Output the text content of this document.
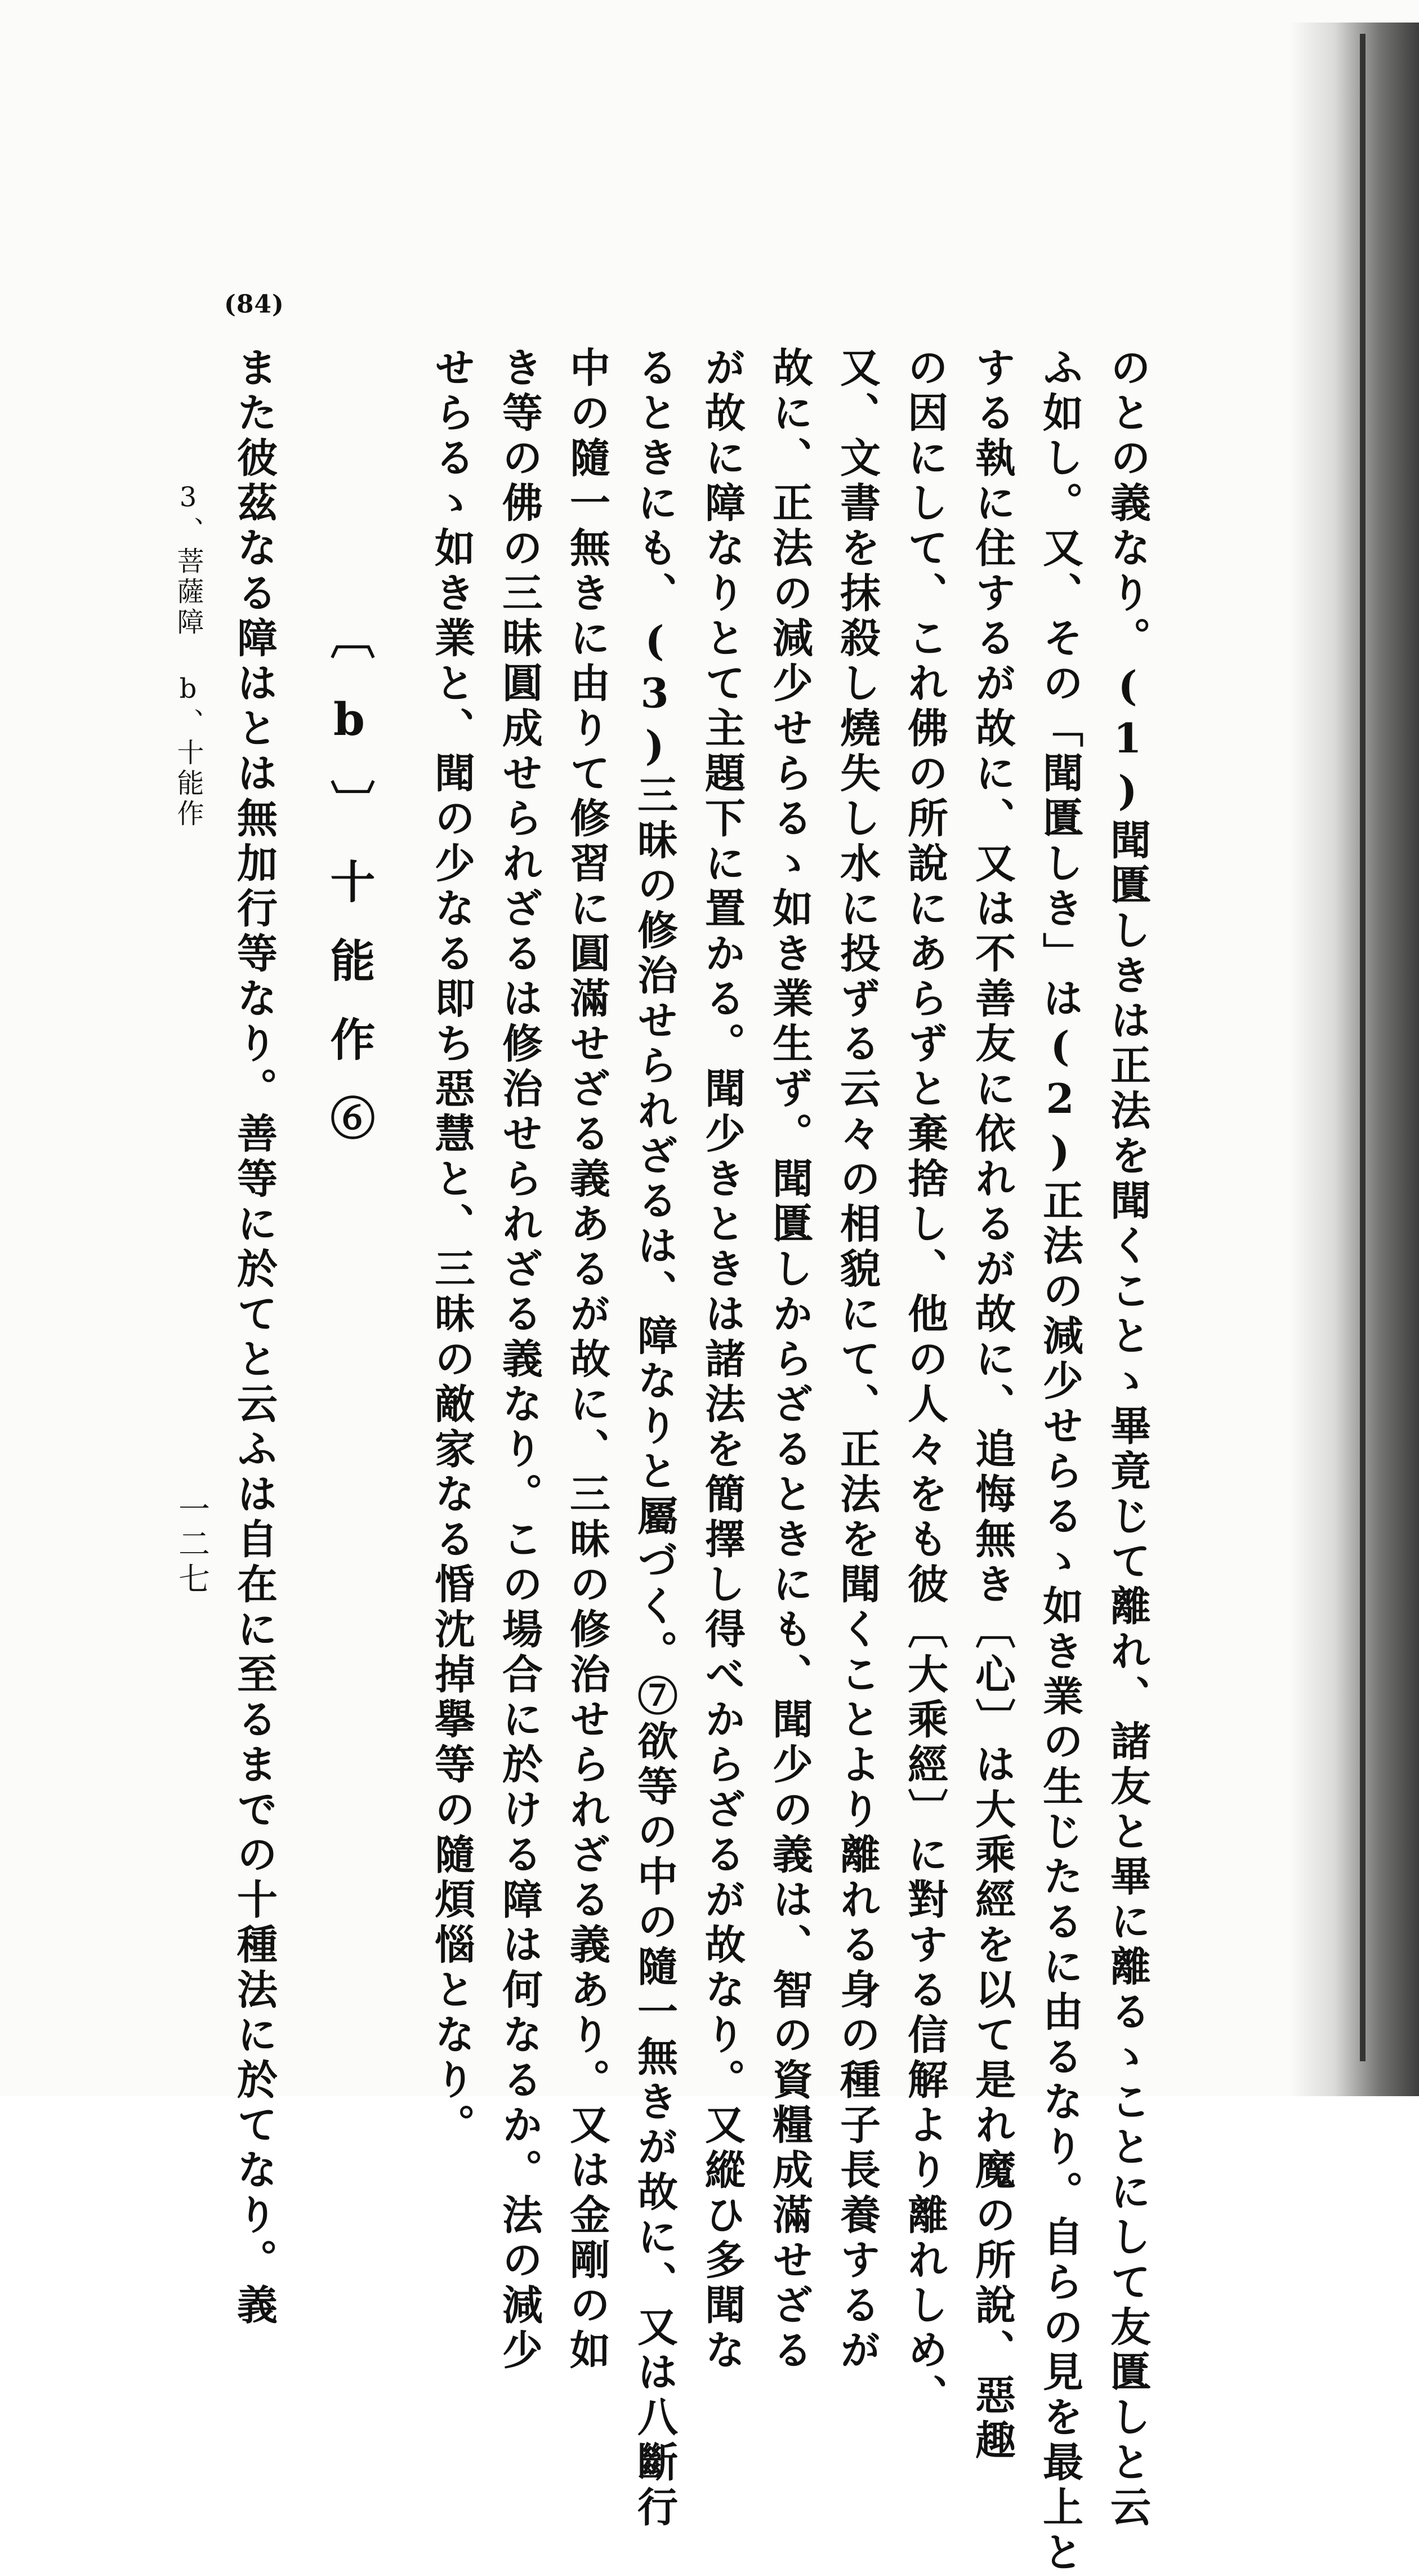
(84)
のとの義なり。(1)聞匱しきは正法を聞くことゝ畢竟じて離れ、諸友と畢に離るゝことにして友匱しと云
ふ如し。又、その「聞匱しき」は(2)正法の減少せらるゝ如き業の生じたるに由るなり。自らの見を最上と
する執に住するが故に、又は不善友に依れるが故に、追悔無き〔心〕は大乘經を以て是れ魔の所說、惡趣
の因にして、これ佛の所說にあらずと棄捨し、他の人々をも彼〔大乘經〕に對する信解より離れしめ、
又、文書を抹殺し燒失し水に投ずる云々の相貌にて、正法を聞くことより離れる身の種子長養するが
故に、正法の減少せらるゝ如き業生ず。聞匱しからざるときにも、聞少の義は、智の資糧成滿せざる
が故に障なりとて主題下に置かる。聞少きときは諸法を簡擇し得べからざるが故なり。又縱ひ多聞な
るときにも、(3)三昧の修治せられざるは、障なりと屬づく。⑦欲等の中の隨一無きが故に、又は八斷行
中の隨一無きに由りて修習に圓滿せざる義あるが故に、三昧の修治せられざる義あり。又は金剛の如
き等の佛の三昧圓成せられざるは修治せられざる義なり。この場合に於ける障は何なるか。法の減少
せらるゝ如き業と、聞の少なる即ち惡慧と、三昧の敵家なる惛沈掉擧等の隨煩惱となり。
〔b〕十能作⑥
また彼茲なる障はとは無加行等なり。善等に於てと云ふは自在に至るまでの十種法に於てなり。義
3、菩薩障 b、十能作
一二七
